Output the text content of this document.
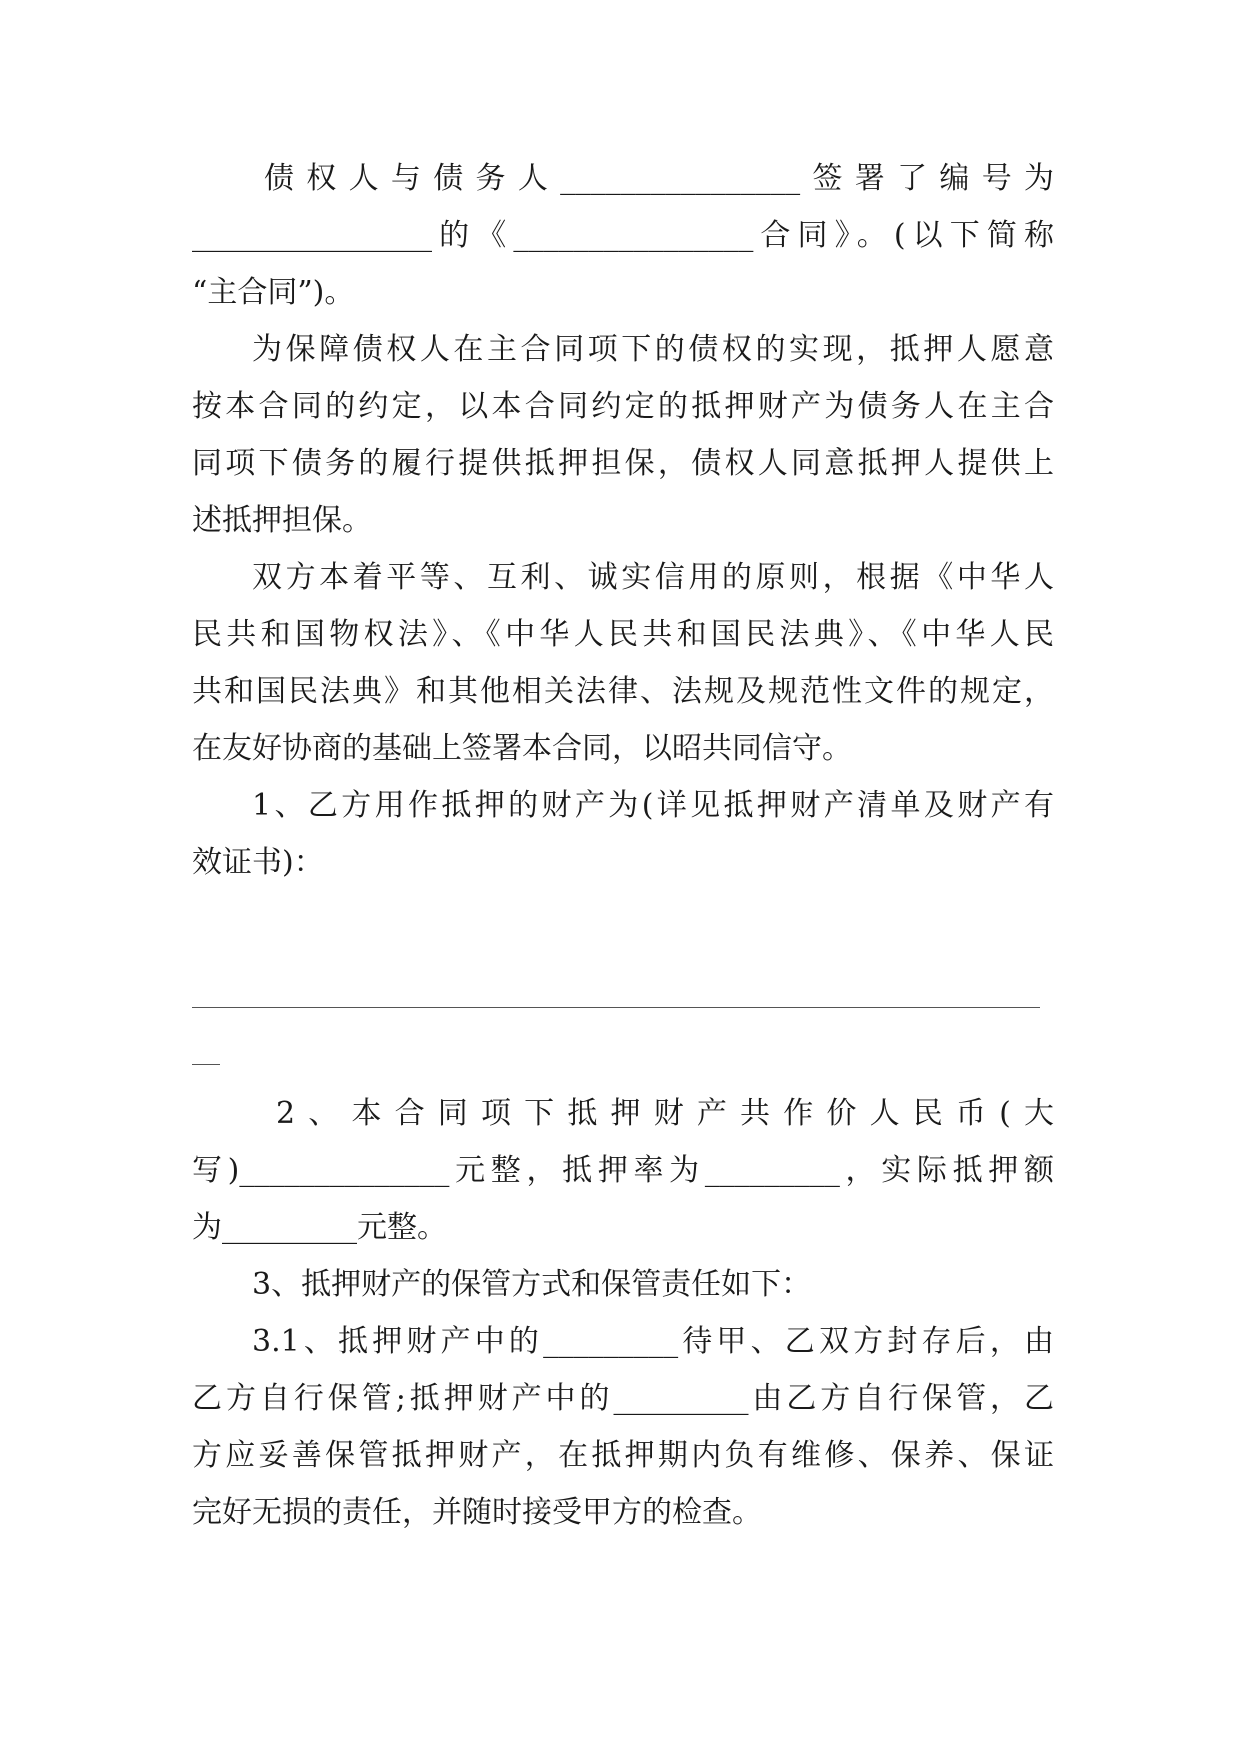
债权人与债务人________________签署了编号为
________________的《________________合同》。(以下简称
“主合同”)。
为保障债权人在主合同项下的债权的实现，抵押人愿意
按本合同的约定，以本合同约定的抵押财产为债务人在主合
同项下债务的履行提供抵押担保，债权人同意抵押人提供上
述抵押担保。
双方本着平等、互利、诚实信用的原则，根据《中华人
民共和国物权法》、《中华人民共和国民法典》、《中华人民
共和国民法典》和其他相关法律、法规及规范性文件的规定，
在友好协商的基础上签署本合同，以昭共同信守。
1、乙方用作抵押的财产为(详见抵押财产清单及财产有
效证书)：
2、本合同项下抵押财产共作价人民币(大
写)______________元整，抵押率为_________，实际抵押额
为_________元整。
3、抵押财产的保管方式和保管责任如下：
3.1、抵押财产中的_________待甲、乙双方封存后，由
乙方自行保管;抵押财产中的_________由乙方自行保管，乙
方应妥善保管抵押财产，在抵押期内负有维修、保养、保证
完好无损的责任，并随时接受甲方的检查。
